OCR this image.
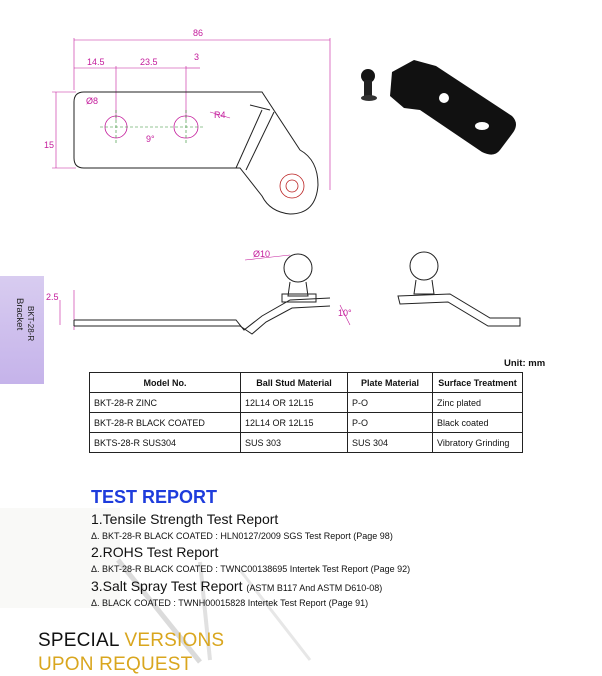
Bracket BKT-28-R
86
14.5	23.5	3
Ø8
R4
9°
15
Ø10
2.5
10°
Unit: mm
Model No.	Ball Stud Material	Plate Material	Surface Treatment
BKT-28-R ZINC	12L14 OR 12L15	P-O	Zinc plated
BKT-28-R BLACK COATED	12L14 OR 12L15	P-O	Black coated
BKTS-28-R SUS304	SUS 303	SUS 304	Vibratory Grinding
TEST REPORT
1.Tensile Strength Test Report
Δ. BKT-28-R BLACK COATED : HLN0127/2009 SGS Test Report (Page 98)
2.ROHS Test Report
Δ. BKT-28-R BLACK COATED : TWNC00138695 Intertek Test Report (Page 92)
3.Salt Spray Test Report (ASTM B117 And ASTM D610-08)
Δ. BLACK COATED : TWNH00015828 Intertek Test Report (Page 91)
SPECIAL VERSIONS
UPON REQUEST
